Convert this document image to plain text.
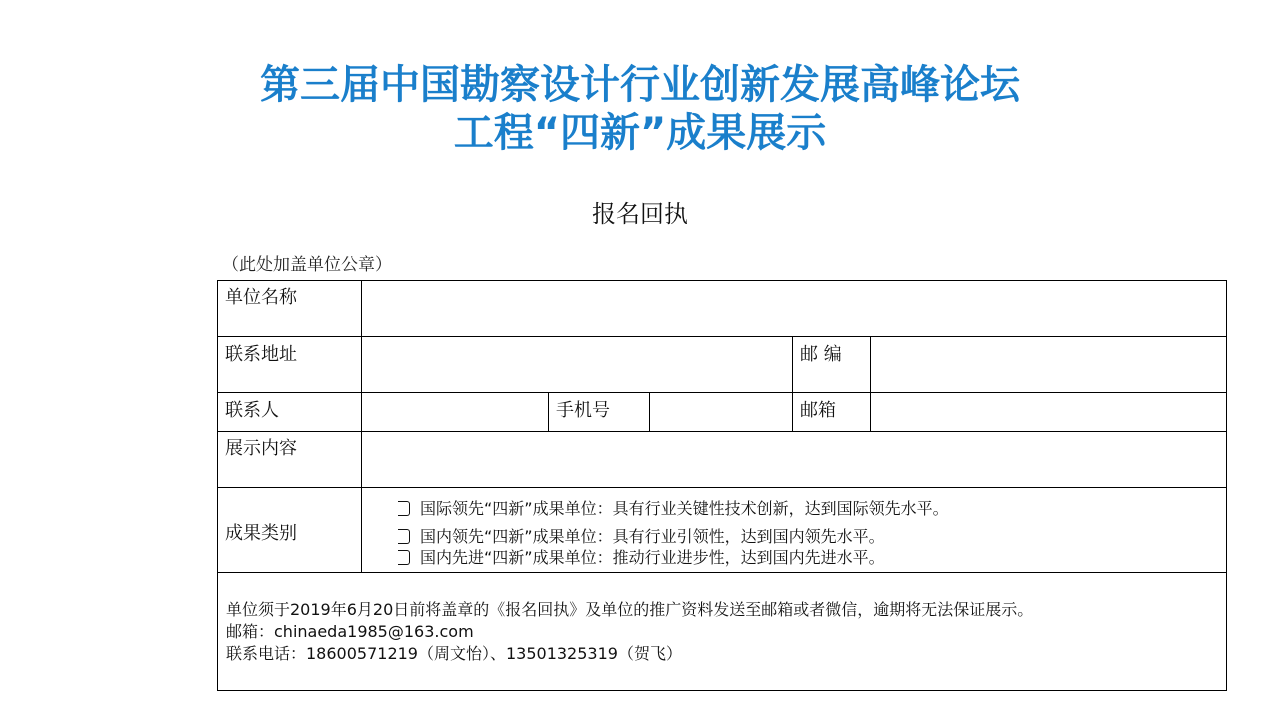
第三届中国勘察设计行业创新发展高峰论坛
工程“四新”成果展示
报名回执
（此处加盖单位公章）
单位名称
联系地址	邮 编
联系人	手机号	邮箱
展示内容
成果类别
国际领先“四新”成果单位：具有行业关键性技术创新，达到国际领先水平。
国内领先“四新”成果单位：具有行业引领性，达到国内领先水平。
国内先进“四新”成果单位：推动行业进步性，达到国内先进水平。
单位须于2019年6月20日前将盖章的《报名回执》及单位的推广资料发送至邮箱或者微信，逾期将无法保证展示。
邮箱：chinaeda1985@163.com
联系电话：18600571219（周文怡）、13501325319（贺飞）
